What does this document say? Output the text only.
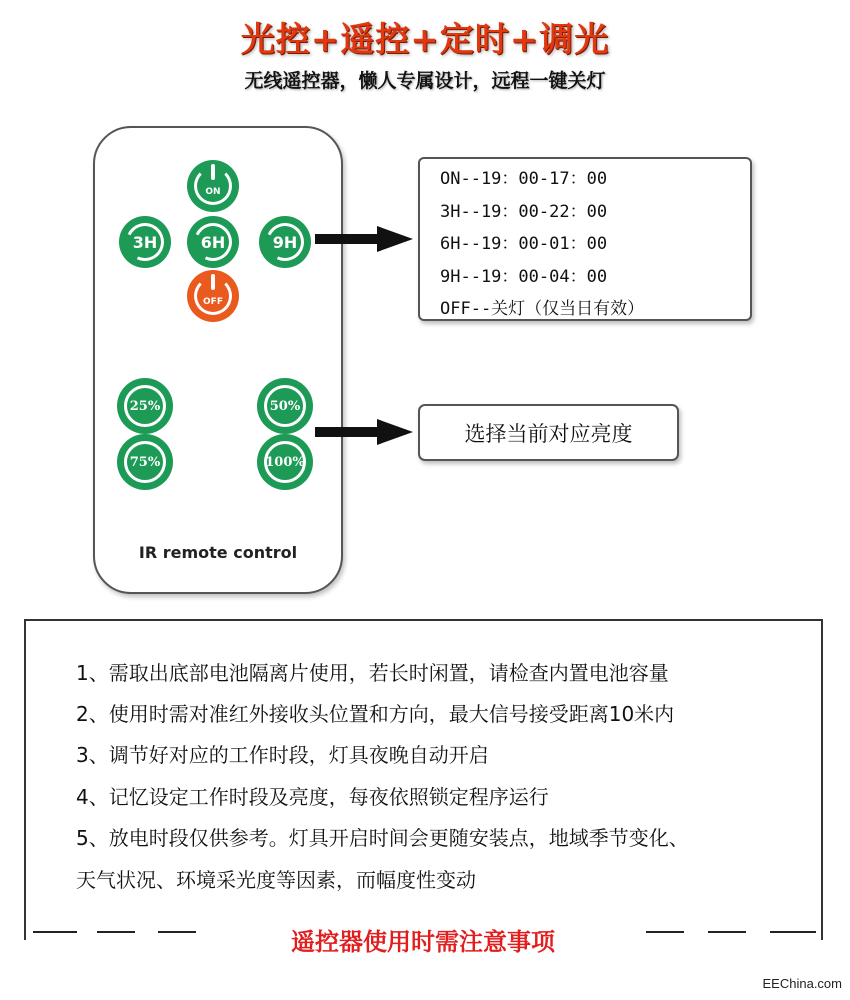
光控+遥控+定时+调光
无线遥控器，懒人专属设计，远程一键关灯
ON
3H	6H	9H
OFF
25%	50%
75%	100%
IR remote control
ON--19：00-17：00
3H--19：00-22：00
6H--19：00-01：00
9H--19：00-04：00
OFF--关灯（仅当日有效）
选择当前对应亮度
1、需取出底部电池隔离片使用，若长时闲置，请检查内置电池容量
2、使用时需对准红外接收头位置和方向，最大信号接受距离10米内
3、调节好对应的工作时段，灯具夜晚自动开启
4、记忆设定工作时段及亮度，每夜依照锁定程序运行
5、放电时段仅供参考。灯具开启时间会更随安装点，地域季节变化、
天气状况、环境采光度等因素，而幅度性变动
遥控器使用时需注意事项
EEChina.com
